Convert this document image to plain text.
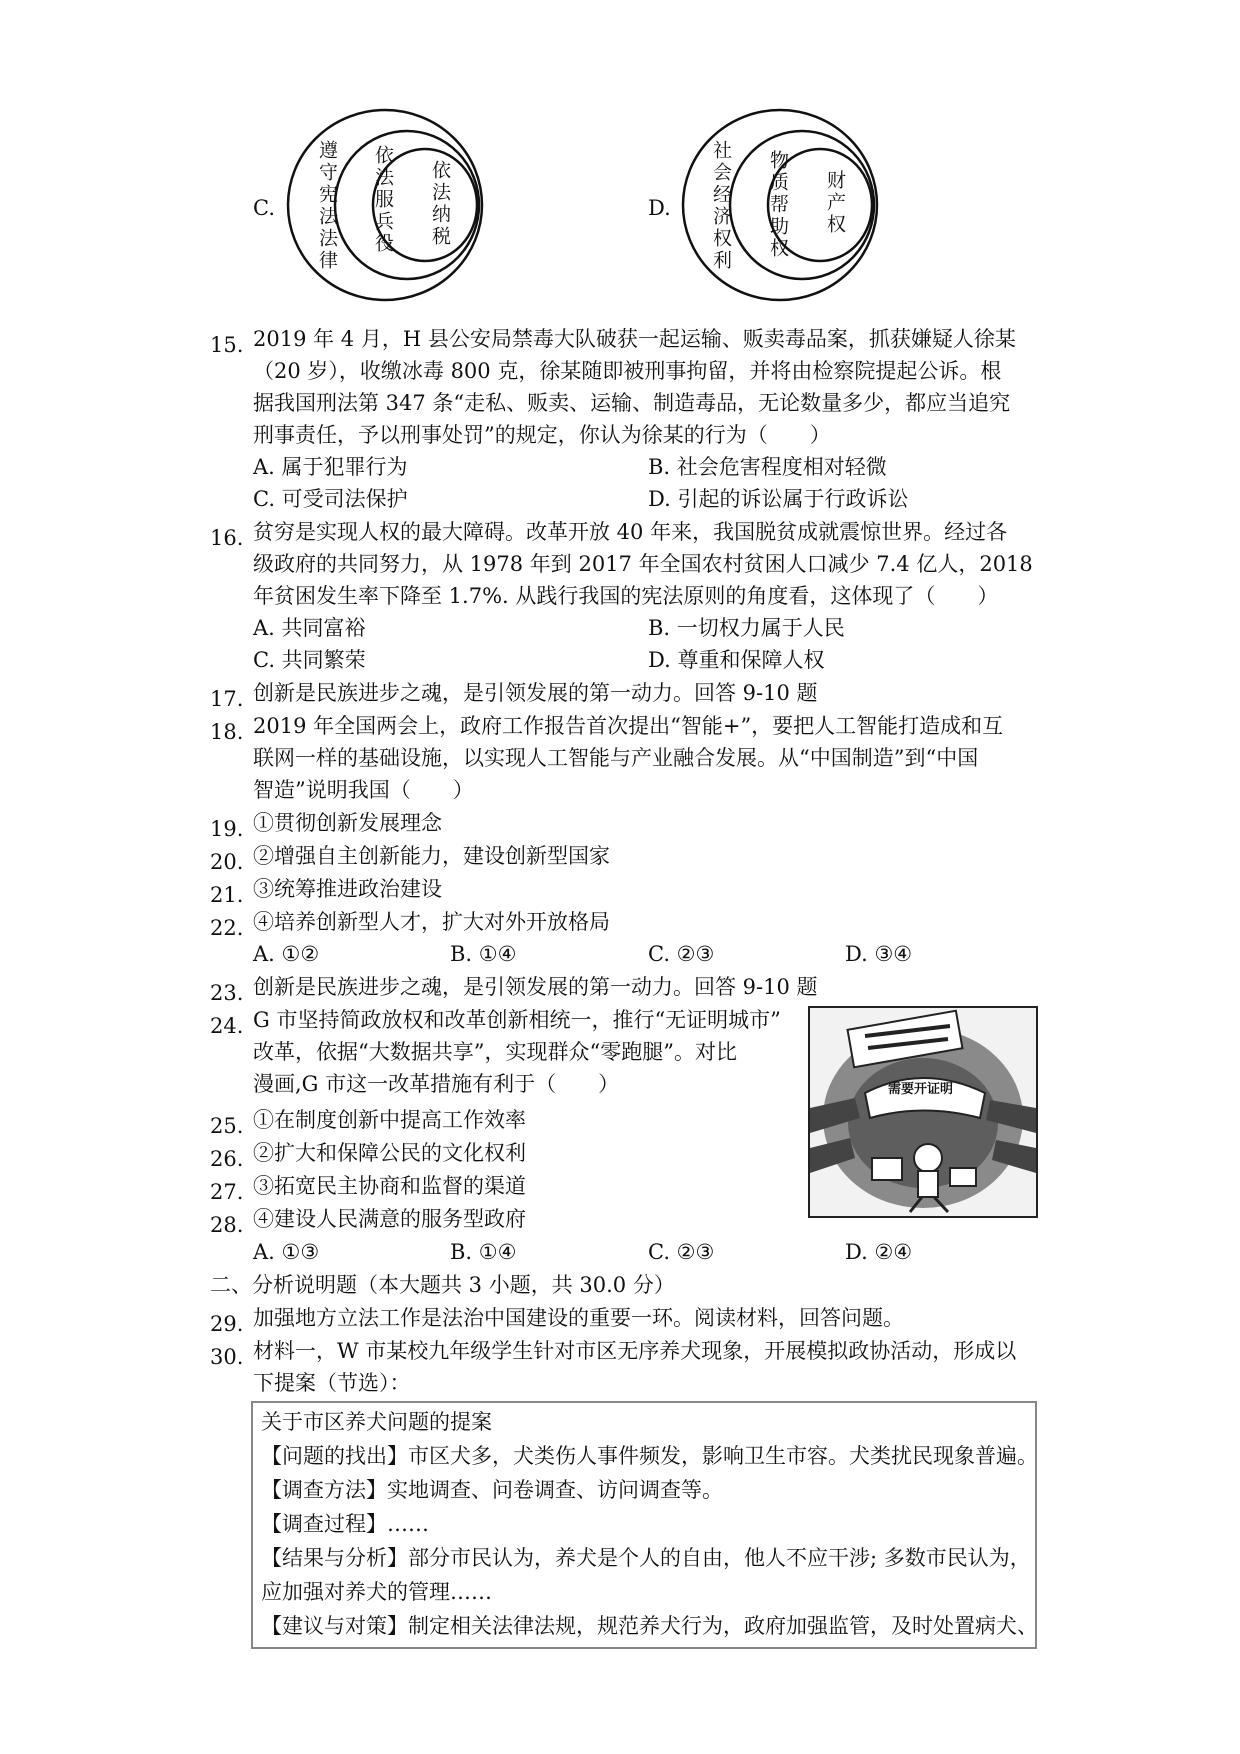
C. 遵守宪法法律 依法服兵役 依法纳税	D. 社会经济权利 物质帮助权 财产权
15. 2019 年 4 月，H 县公安局禁毒大队破获一起运输、贩卖毒品案，抓获嫌疑人徐某
（20 岁），收缴冰毒 800 克，徐某随即被刑事拘留，并将由检察院提起公诉。根
据我国刑法第 347 条“走私、贩卖、运输、制造毒品，无论数量多少，都应当追究
刑事责任，予以刑事处罚”的规定，你认为徐某的行为（　　）
A. 属于犯罪行为	B. 社会危害程度相对轻微
C. 可受司法保护	D. 引起的诉讼属于行政诉讼
16. 贫穷是实现人权的最大障碍。改革开放 40 年来，我国脱贫成就震惊世界。经过各
级政府的共同努力，从 1978 年到 2017 年全国农村贫困人口减少 7.4 亿人，2018
年贫困发生率下降至 1.7%. 从践行我国的宪法原则的角度看，这体现了（　　）
A. 共同富裕	B. 一切权力属于人民
C. 共同繁荣	D. 尊重和保障人权
17. 创新是民族进步之魂，是引领发展的第一动力。回答 9-10 题
18. 2019 年全国两会上，政府工作报告首次提出“智能+”，要把人工智能打造成和互
联网一样的基础设施，以实现人工智能与产业融合发展。从“中国制造”到“中国
智造”说明我国（　　）
19. ①贯彻创新发展理念
20. ②增强自主创新能力，建设创新型国家
21. ③统筹推进政治建设
22. ④培养创新型人才，扩大对外开放格局
A. ①②	B. ①④	C. ②③	D. ③④
23. 创新是民族进步之魂，是引领发展的第一动力。回答 9-10 题
24. G 市坚持简政放权和改革创新相统一，推行“无证明城市”
改革，依据“大数据共享”，实现群众“零跑腿”。对比
漫画,G 市这一改革措施有利于（　　）	需要开证明
25. ①在制度创新中提高工作效率
26. ②扩大和保障公民的文化权利
27. ③拓宽民主协商和监督的渠道
28. ④建设人民满意的服务型政府
A. ①③	B. ①④	C. ②③	D. ②④
二、分析说明题（本大题共 3 小题，共 30.0 分）
29. 加强地方立法工作是法治中国建设的重要一环。阅读材料，回答问题。
30. 材料一，W 市某校九年级学生针对市区无序养犬现象，开展模拟政协活动，形成以
下提案（节选）：
关于市区养犬问题的提案
【问题的找出】市区犬多，犬类伤人事件频发，影响卫生市容。犬类扰民现象普遍。
【调查方法】实地调查、问卷调查、访问调查等。
【调查过程】……
【结果与分析】部分市民认为，养犬是个人的自由，他人不应干涉; 多数市民认为，
应加强对养犬的管理……
【建议与对策】制定相关法律法规，规范养犬行为，政府加强监管，及时处置病犬、
